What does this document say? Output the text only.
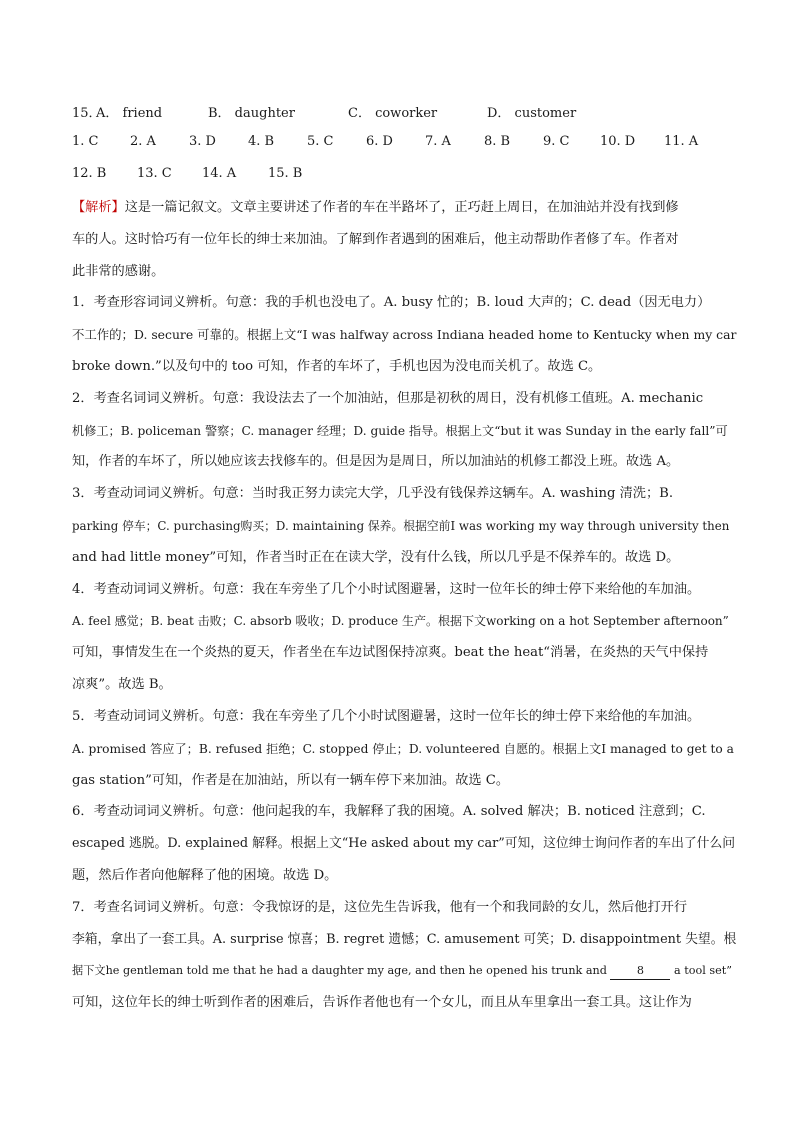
15．
A． friend	B． daughter	C． coworker	D． customer
1. C 2. A	3. D 4. B	5. C	6. D 7. A	8. B	9. C 10. D 11. A
12. B 13. C 14. A 15. B
【解析】这是一篇记叙文。文章主要讲述了作者的车在半路坏了，正巧赶上周日，在加油站并没有找到修
车的人。这时恰巧有一位年长的绅士来加油。了解到作者遇到的困难后，他主动帮助作者修了车。作者对
此非常的感谢。
1．考查形容词词义辨析。句意：我的手机也没电了。A. busy 忙的；B. loud 大声的；C. dead（因无电力）
不工作的；D. secure 可靠的。根据上文“I was halfway across Indiana headed home to Kentucky when my car
broke down.”以及句中的 too 可知，作者的车坏了，手机也因为没电而关机了。故选 C。
2．考查名词词义辨析。句意：我设法去了一个加油站，但那是初秋的周日，没有机修工值班。A. mechanic
机修工；B. policeman 警察；C. manager 经理；D. guide 指导。根据上文“but it was Sunday in the early fall”可
知，作者的车坏了，所以她应该去找修车的。但是因为是周日，所以加油站的机修工都没上班。故选 A。
3．考查动词词义辨析。句意：当时我正努力读完大学，几乎没有钱保养这辆车。A. washing 清洗；B.
parking 停车；C. purchasing购买；D. maintaining 保养。根据空前I was working my way through university then
and had little money”可知，作者当时正在在读大学，没有什么钱，所以几乎是不保养车的。故选 D。
4．考查动词词义辨析。句意：我在车旁坐了几个小时试图避暑，这时一位年长的绅士停下来给他的车加油。
A. feel 感觉；B. beat 击败；C. absorb 吸收；D. produce 生产。根据下文working on a hot September afternoon”
可知，事情发生在一个炎热的夏天，作者坐在车边试图保持凉爽。beat the heat“消暑，在炎热的天气中保持
凉爽”。故选 B。
5．考查动词词义辨析。句意：我在车旁坐了几个小时试图避暑，这时一位年长的绅士停下来给他的车加油。
A. promised 答应了；B. refused 拒绝；C. stopped 停止；D. volunteered 自愿的。根据上文I managed to get to a
gas station”可知，作者是在加油站，所以有一辆车停下来加油。故选 C。
6．考查动词词义辨析。句意：他问起我的车，我解释了我的困境。A. solved 解决；B. noticed 注意到；C.
escaped 逃脱。D. explained 解释。根据上文“He asked about my car”可知，这位绅士询问作者的车出了什么问
题，然后作者向他解释了他的困境。故选 D。
7．考查名词词义辨析。句意：令我惊讶的是，这位先生告诉我，他有一个和我同龄的女儿，然后他打开行
李箱，拿出了一套工具。A. surprise 惊喜；B. regret 遗憾；C. amusement 可笑；D. disappointment 失望。根
据下文he gentleman told me that he had a daughter my age, and then he opened his trunk and 8 a tool set”
可知，这位年长的绅士听到作者的困难后，告诉作者他也有一个女儿，而且从车里拿出一套工具。这让作为
